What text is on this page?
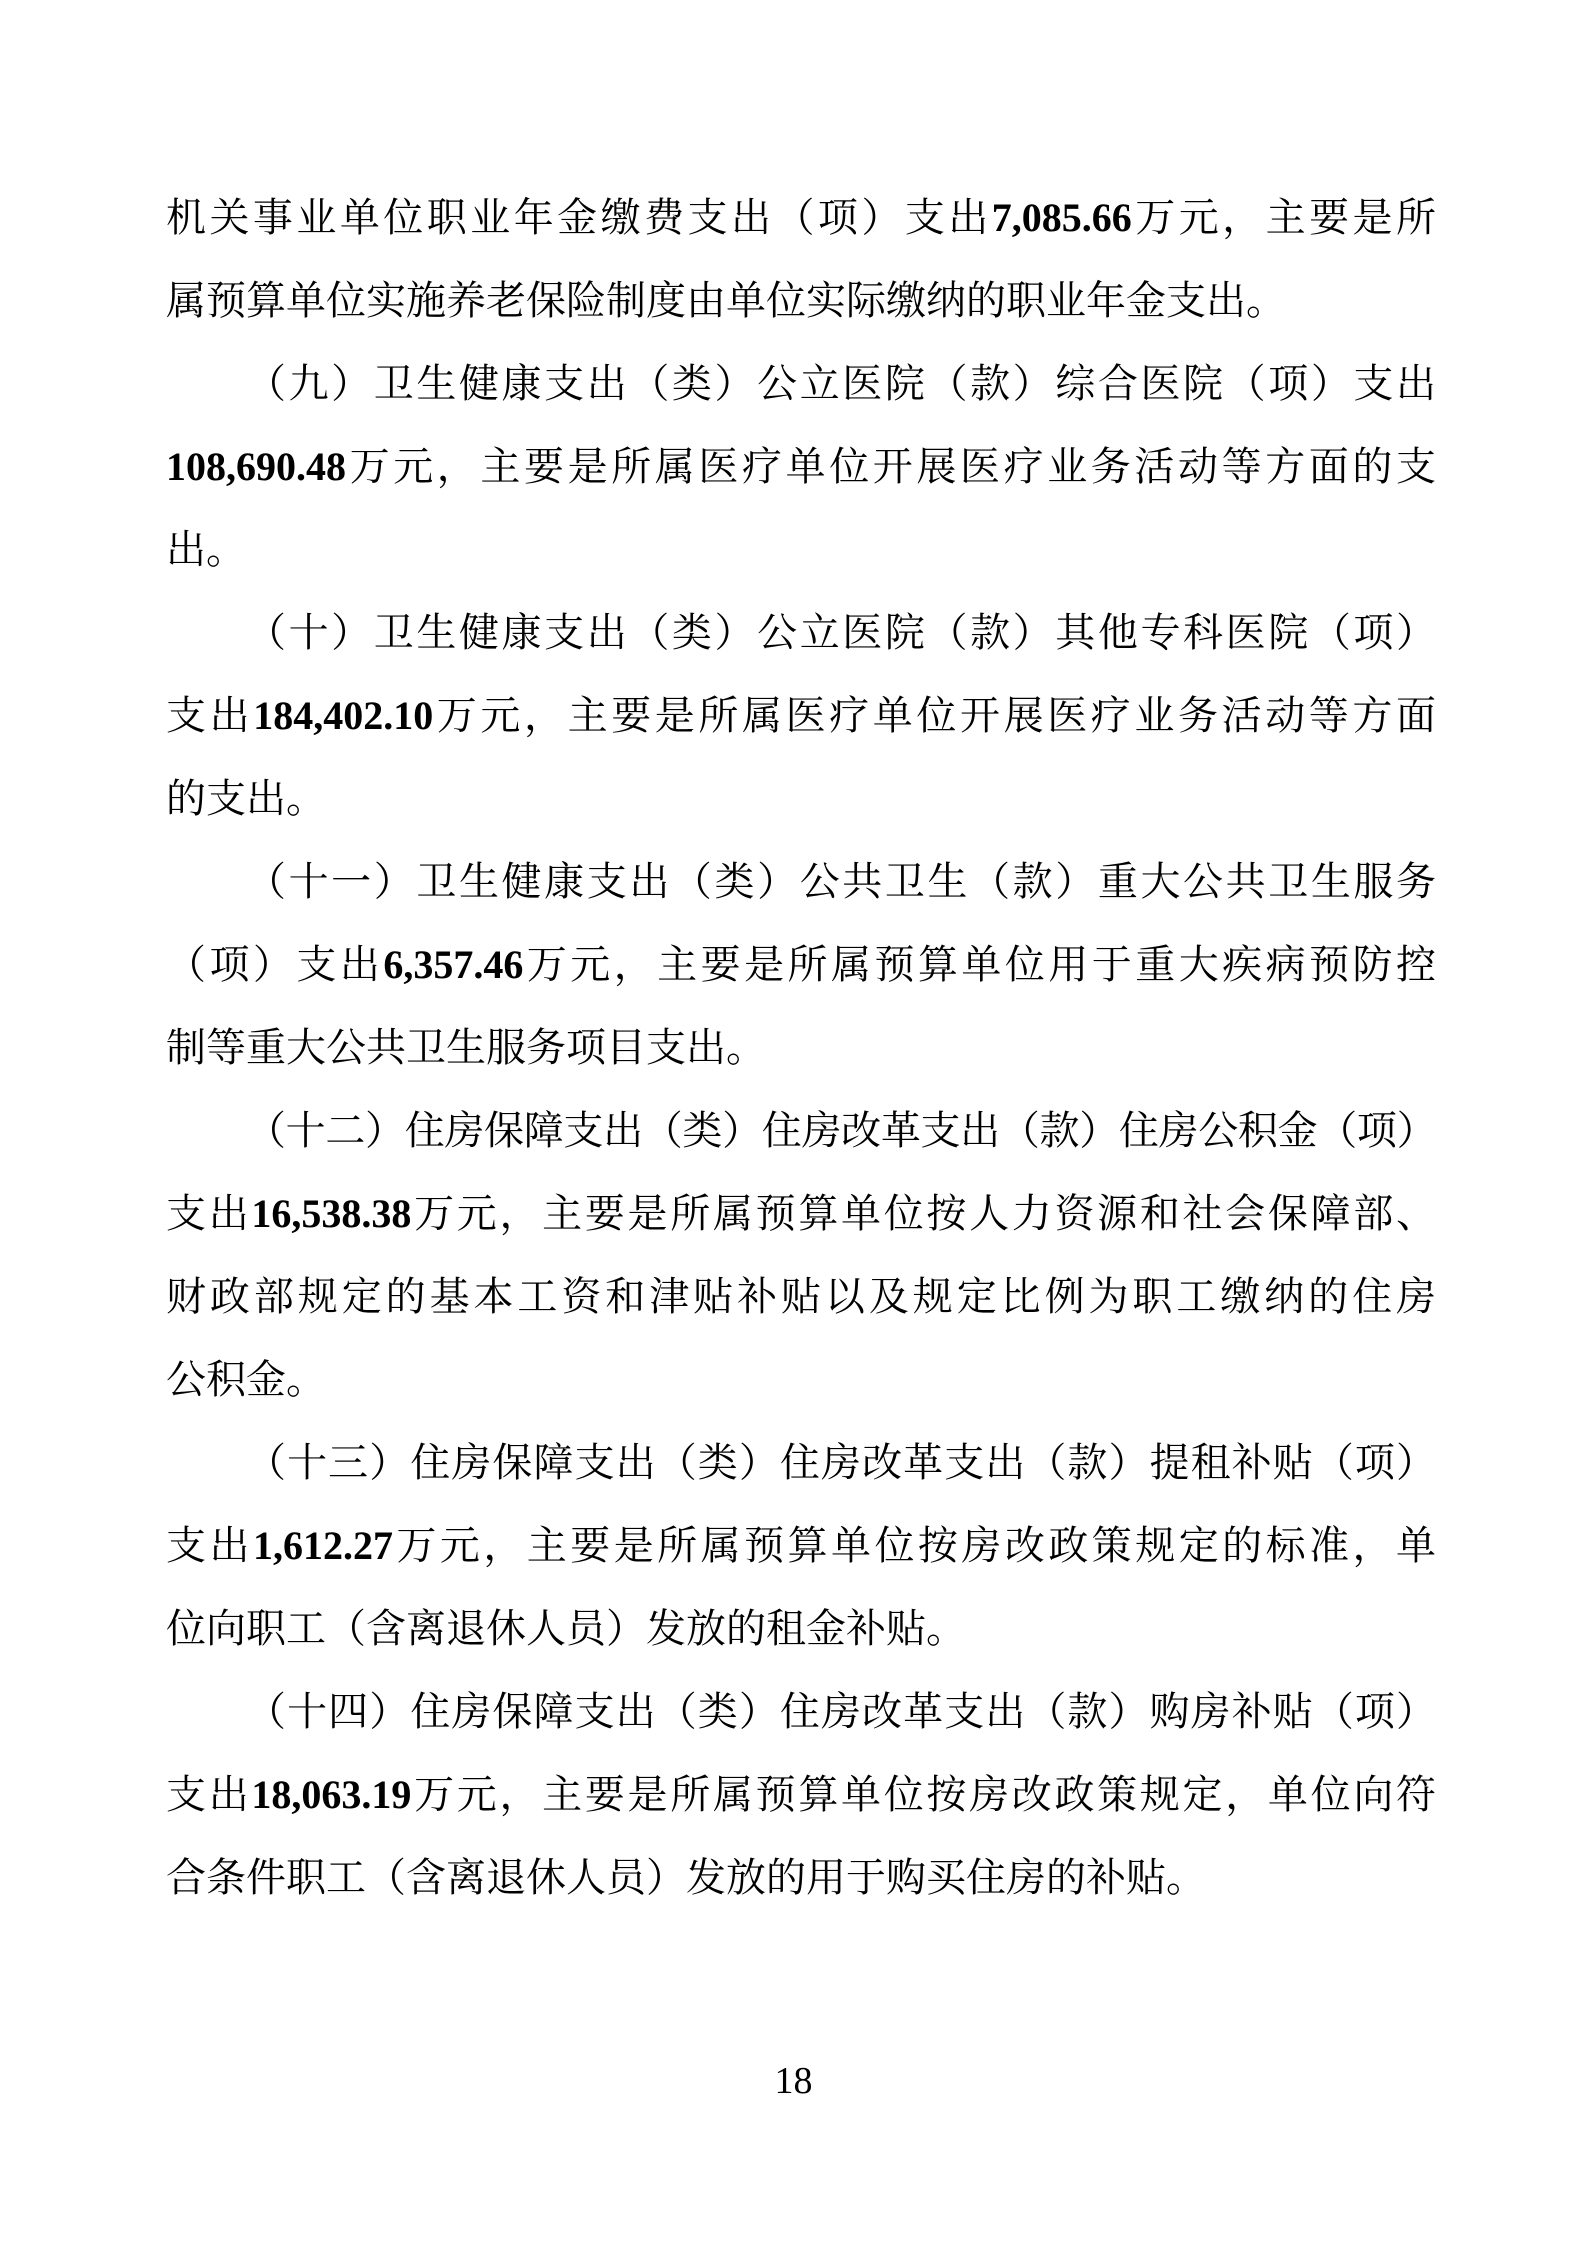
机关事业单位职业年金缴费支出（项）支出7,085.66万元，主要是所
属预算单位实施养老保险制度由单位实际缴纳的职业年金支出。
（九）卫生健康支出（类）公立医院（款）综合医院（项）支出
108,690.48万元，主要是所属医疗单位开展医疗业务活动等方面的支
出。
（十）卫生健康支出（类）公立医院（款）其他专科医院（项）
支出184,402.10万元，主要是所属医疗单位开展医疗业务活动等方面
的支出。
（十一）卫生健康支出（类）公共卫生（款）重大公共卫生服务
（项）支出6,357.46万元，主要是所属预算单位用于重大疾病预防控
制等重大公共卫生服务项目支出。
（十二）住房保障支出（类）住房改革支出（款）住房公积金（项）
支出16,538.38万元，主要是所属预算单位按人力资源和社会保障部、
财政部规定的基本工资和津贴补贴以及规定比例为职工缴纳的住房
公积金。
（十三）住房保障支出（类）住房改革支出（款）提租补贴（项）
支出1,612.27万元，主要是所属预算单位按房改政策规定的标准，单
位向职工（含离退休人员）发放的租金补贴。
（十四）住房保障支出（类）住房改革支出（款）购房补贴（项）
支出18,063.19万元，主要是所属预算单位按房改政策规定，单位向符
合条件职工（含离退休人员）发放的用于购买住房的补贴。
18
